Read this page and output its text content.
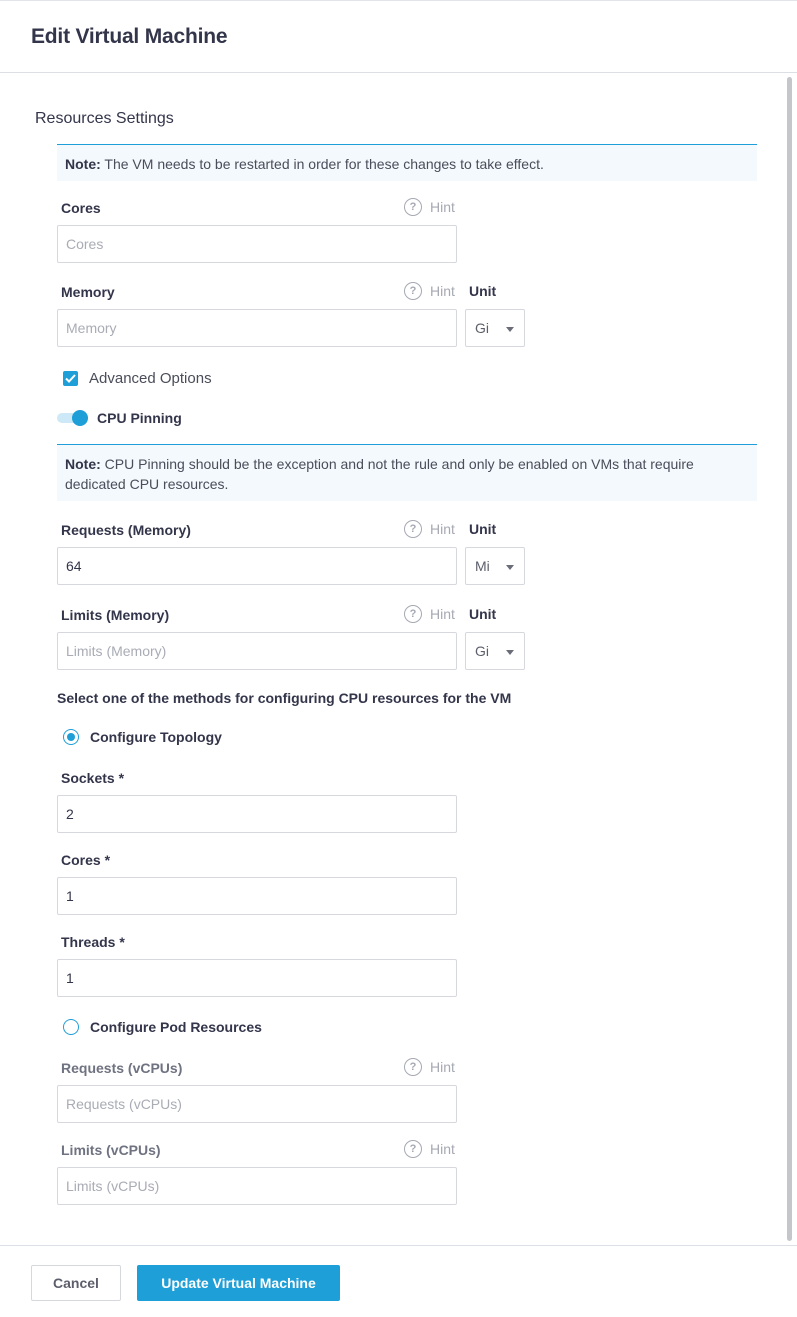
Edit Virtual Machine
Resources Settings
Note: The VM needs to be restarted in order for these changes to take effect.
Cores	? Hint
Cores
Memory	? Hint Unit
Memory
Gi
Advanced Options
CPU Pinning
Note: CPU Pinning should be the exception and not the rule and only be enabled on VMs that require dedicated CPU resources.
Requests (Memory)	? Hint Unit
64
Mi
Limits (Memory)	? Hint Unit
Limits (Memory)
Gi
Select one of the methods for configuring CPU resources for the VM
Configure Topology
Sockets *
2
Cores *
1
Threads *
1
Configure Pod Resources
Requests (vCPUs)	? Hint
Requests (vCPUs)
Limits (vCPUs)	? Hint
Limits (vCPUs)
Cancel	Update Virtual Machine
